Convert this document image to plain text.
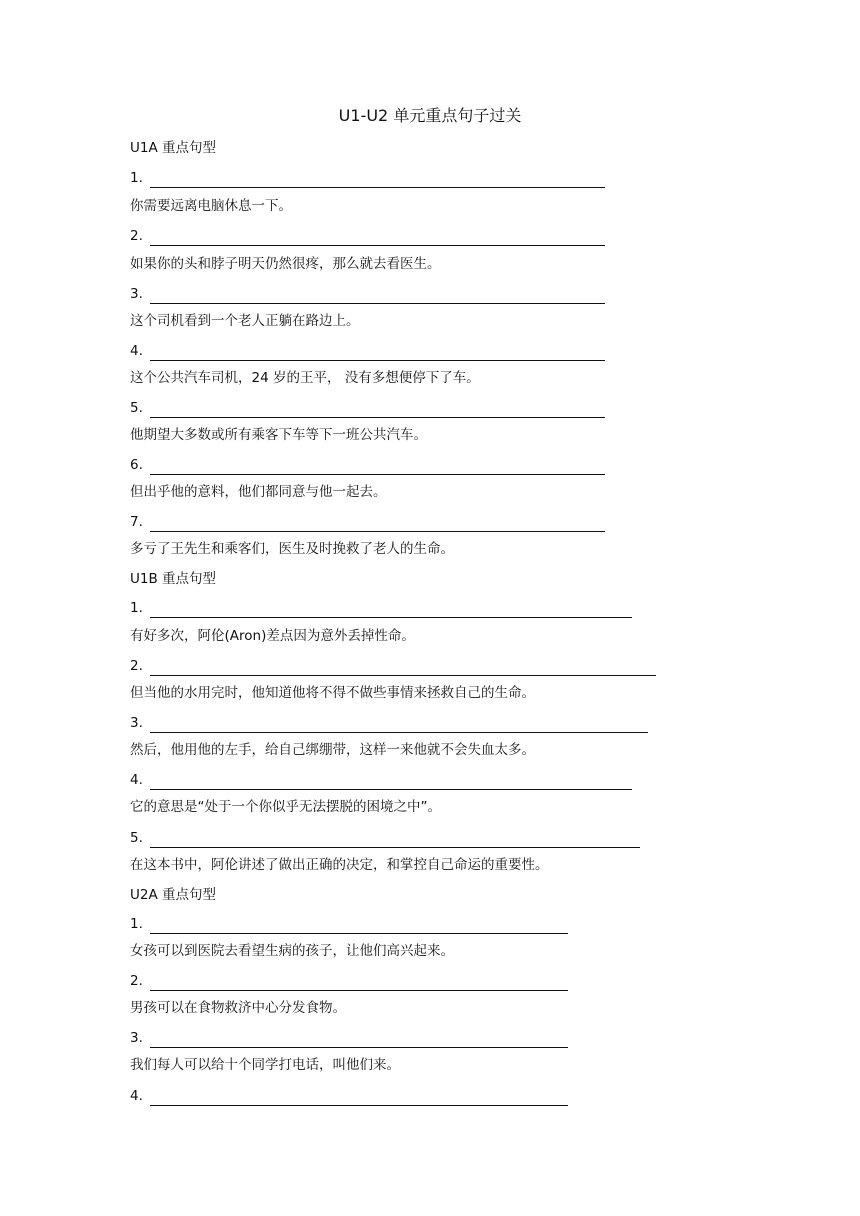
U1-U2 单元重点句子过关
U1A 重点句型
1.
你需要远离电脑休息一下。
2.
如果你的头和脖子明天仍然很疼，那么就去看医生。
3.
这个司机看到一个老人正躺在路边上。
4.
这个公共汽车司机，24 岁的王平， 没有多想便停下了车。
5.
他期望大多数或所有乘客下车等下一班公共汽车。
6.
但出乎他的意料，他们都同意与他一起去。
7.
多亏了王先生和乘客们，医生及时挽救了老人的生命。
U1B 重点句型
1.
有好多次，阿伦(Aron)差点因为意外丢掉性命。
2.
但当他的水用完时，他知道他将不得不做些事情来拯救自己的生命。
3.
然后，他用他的左手，给自己绑绷带，这样一来他就不会失血太多。
4.
它的意思是“处于一个你似乎无法摆脱的困境之中”。
5.
在这本书中，阿伦讲述了做出正确的决定，和掌控自己命运的重要性。
U2A 重点句型
1.
女孩可以到医院去看望生病的孩子，让他们高兴起来。
2.
男孩可以在食物救济中心分发食物。
3.
我们每人可以给十个同学打电话，叫他们来。
4.
